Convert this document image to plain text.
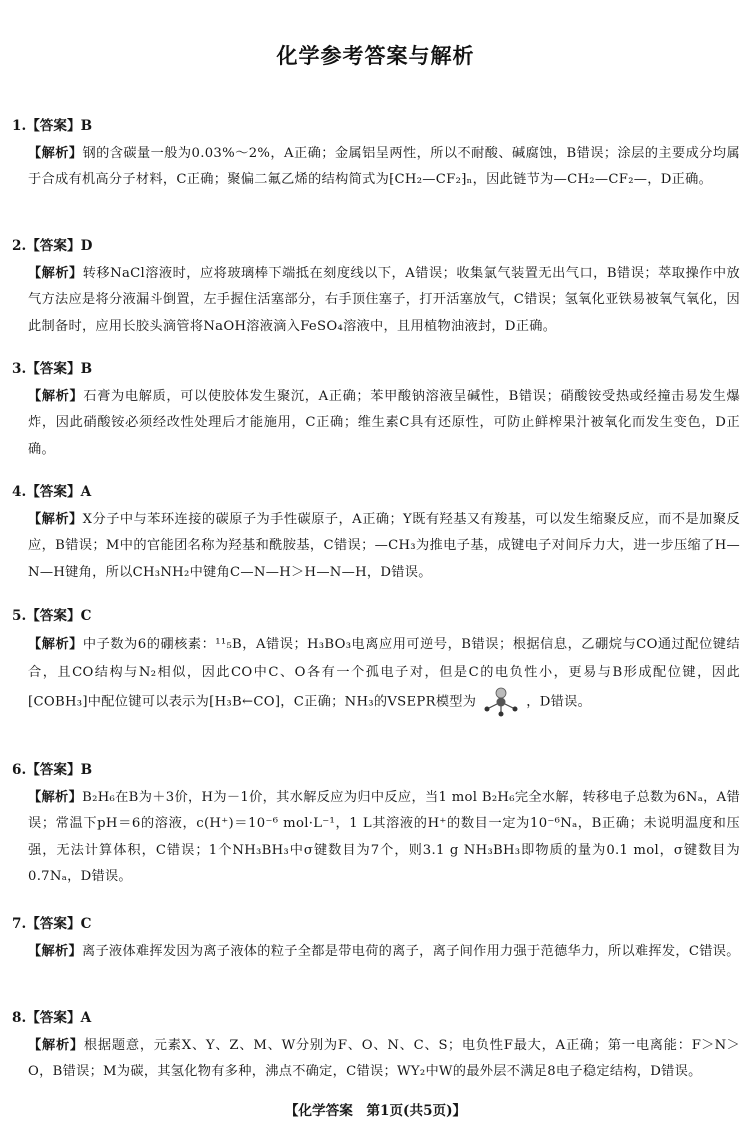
化学参考答案与解析
1.【答案】B
【解析】钢的含碳量一般为0.03%～2%，A正确；金属铝呈两性，所以不耐酸、碱腐蚀，B错误；涂层的主要成分均属于合成有机高分子材料，C正确；聚偏二氟乙烯的结构简式为⁅CH₂—CF₂⁆ₙ，因此链节为—CH₂—CF₂—，D正确。
2.【答案】D
【解析】转移NaCl溶液时，应将玻璃棒下端抵在刻度线以下，A错误；收集氯气装置无出气口，B错误；萃取操作中放气方法应是将分液漏斗倒置，左手握住活塞部分，右手顶住塞子，打开活塞放气，C错误；氢氧化亚铁易被氧气氧化，因此制备时，应用长胶头滴管将NaOH溶液滴入FeSO₄溶液中，且用植物油液封，D正确。
3.【答案】B
【解析】石膏为电解质，可以使胶体发生聚沉，A正确；苯甲酸钠溶液呈碱性，B错误；硝酸铵受热或经撞击易发生爆炸，因此硝酸铵必须经改性处理后才能施用，C正确；维生素C具有还原性，可防止鲜榨果汁被氧化而发生变色，D正确。
4.【答案】A
【解析】X分子中与苯环连接的碳原子为手性碳原子，A正确；Y既有羟基又有羧基，可以发生缩聚反应，而不是加聚反应，B错误；M中的官能团名称为羟基和酰胺基，C错误；—CH₃为推电子基，成键电子对间斥力大，进一步压缩了H—N—H键角，所以CH₃NH₂中键角C—N—H＞H—N—H，D错误。
5.【答案】C
【解析】中子数为6的硼核素：¹¹₅B，A错误；H₃BO₃电离应用可逆号，B错误；根据信息，乙硼烷与CO通过配位键结合，且CO结构与N₂相似，因此CO中C、O各有一个孤电子对，但是C的电负性小，更易与B形成配位键，因此[COBH₃]中配位键可以表示为[H₃B←CO]，C正确；NH₃的VSEPR模型为	，D错误。
6.【答案】B
【解析】B₂H₆在B为＋3价，H为－1价，其水解反应为归中反应，当1 mol B₂H₆完全水解，转移电子总数为6Nₐ，A错误；常温下pH＝6的溶液，c(H⁺)＝10⁻⁶ mol·L⁻¹，1 L其溶液的H⁺的数目一定为10⁻⁶Nₐ，B正确；未说明温度和压强，无法计算体积，C错误；1个NH₃BH₃中σ键数目为7个，则3.1 g NH₃BH₃即物质的量为0.1 mol，σ键数目为0.7Nₐ，D错误。
7.【答案】C
【解析】离子液体难挥发因为离子液体的粒子全都是带电荷的离子，离子间作用力强于范德华力，所以难挥发，C错误。
8.【答案】A
【解析】根据题意，元素X、Y、Z、M、W分别为F、O、N、C、S；电负性F最大，A正确；第一电离能：F＞N＞O，B错误；M为碳，其氢化物有多种，沸点不确定，C错误；WY₂中W的最外层不满足8电子稳定结构，D错误。
【化学答案　第1页(共5页)】
